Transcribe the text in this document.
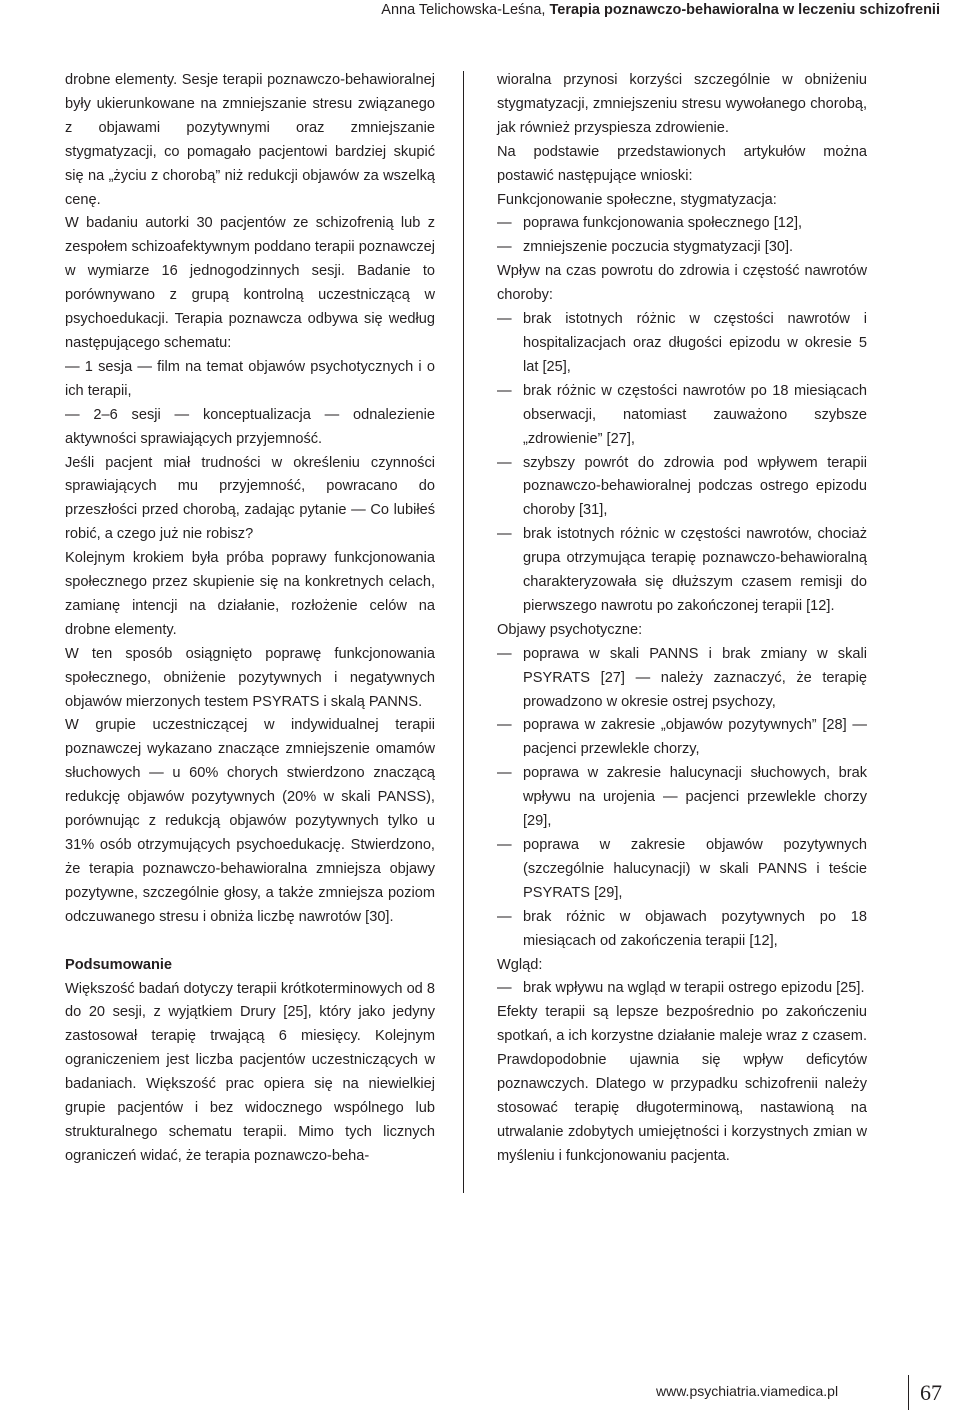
Anna Telichowska-Leśna, Terapia poznawczo-behawioralna w leczeniu schizofrenii

drobne elementy. Sesje terapii poznawczo-behawioralnej były ukierunkowane na zmniejszanie stresu związanego z objawami pozytywnymi oraz zmniejszanie stygmatyzacji, co pomagało pacjentowi bardziej skupić się na „życiu z chorobą” niż redukcji objawów za wszelką cenę.

W badaniu autorki 30 pacjentów ze schizofrenią lub z zespołem schizoafektywnym poddano terapii poznawczej w wymiarze 16 jednogodzinnych sesji. Badanie to porównywano z grupą kontrolną uczestniczącą w psychoedukacji. Terapia poznawcza odbywa się według następującego schematu:

— 1 sesja — film na temat objawów psychotycznych i o ich terapii,

— 2–6 sesji — konceptualizacja — odnalezienie aktywności sprawiających przyjemność.

Jeśli pacjent miał trudności w określeniu czynności sprawiających mu przyjemność, powracano do przeszłości przed chorobą, zadając pytanie — Co lubiłeś robić, a czego już nie robisz?

Kolejnym krokiem była próba poprawy funkcjonowania społecznego przez skupienie się na konkretnych celach, zamianę intencji na działanie, rozłożenie celów na drobne elementy.

W ten sposób osiągnięto poprawę funkcjonowania społecznego, obniżenie pozytywnych i negatywnych objawów mierzonych testem PSYRATS i skalą PANNS.

W grupie uczestniczącej w indywidualnej terapii poznawczej wykazano znaczące zmniejszenie omamów słuchowych — u 60% chorych stwierdzono znaczącą redukcję objawów pozytywnych (20% w skali PANSS), porównując z redukcją objawów pozytywnych tylko u 31% osób otrzymujących psychoedukację. Stwierdzono, że terapia poznawczo-behawioralna zmniejsza objawy pozytywne, szczególnie głosy, a także zmniejsza poziom odczuwanego stresu i obniża liczbę nawrotów [30].

Podsumowanie

Większość badań dotyczy terapii krótkoterminowych od 8 do 20 sesji, z wyjątkiem Drury [25], który jako jedyny zastosował terapię trwającą 6 miesięcy. Kolejnym ograniczeniem jest liczba pacjentów uczestniczących w badaniach. Większość prac opiera się na niewielkiej grupie pacjentów i bez widocznego wspólnego lub strukturalnego schematu terapii. Mimo tych licznych ograniczeń widać, że terapia poznawczo-beha-

wioralna przynosi korzyści szczególnie w obniżeniu stygmatyzacji, zmniejszeniu stresu wywołanego chorobą, jak również przyspiesza zdrowienie.

Na podstawie przedstawionych artykułów można postawić następujące wnioski:

Funkcjonowanie społeczne, stygmatyzacja:

— poprawa funkcjonowania społecznego [12],
— zmniejszenie poczucia stygmatyzacji [30].

Wpływ na czas powrotu do zdrowia i częstość nawrotów choroby:

— brak istotnych różnic w częstości nawrotów i hospitalizacjach oraz długości epizodu w okresie 5 lat [25],
— brak różnic w częstości nawrotów po 18 miesiącach obserwacji, natomiast zauważono szybsze „zdrowienie” [27],
— szybszy powrót do zdrowia pod wpływem terapii poznawczo-behawioralnej podczas ostrego epizodu choroby [31],
— brak istotnych różnic w częstości nawrotów, chociaż grupa otrzymująca terapię poznawczo-behawioralną charakteryzowała się dłuższym czasem remisji do pierwszego nawrotu po zakończonej terapii [12].

Objawy psychotyczne:

— poprawa w skali PANNS i brak zmiany w skali PSYRATS [27] — należy zaznaczyć, że terapię prowadzono w okresie ostrej psychozy,
— poprawa w zakresie „objawów pozytywnych” [28] — pacjenci przewlekle chorzy,
— poprawa w zakresie halucynacji słuchowych, brak wpływu na urojenia — pacjenci przewlekle chorzy [29],
— poprawa w zakresie objawów pozytywnych (szczególnie halucynacji) w skali PANNS i teście PSYRATS [29],
— brak różnic w objawach pozytywnych po 18 miesiącach od zakończenia terapii [12],

Wgląd:

— brak wpływu na wgląd w terapii ostrego epizodu [25].

Efekty terapii są lepsze bezpośrednio po zakończeniu spotkań, a ich korzystne działanie maleje wraz z czasem. Prawdopodobnie ujawnia się wpływ deficytów poznawczych. Dlatego w przypadku schizofrenii należy stosować terapię długoterminową, nastawioną na utrwalanie zdobytych umiejętności i korzystnych zmian w myśleniu i funkcjonowaniu pacjenta.

www.psychiatria.viamedica.pl	67
